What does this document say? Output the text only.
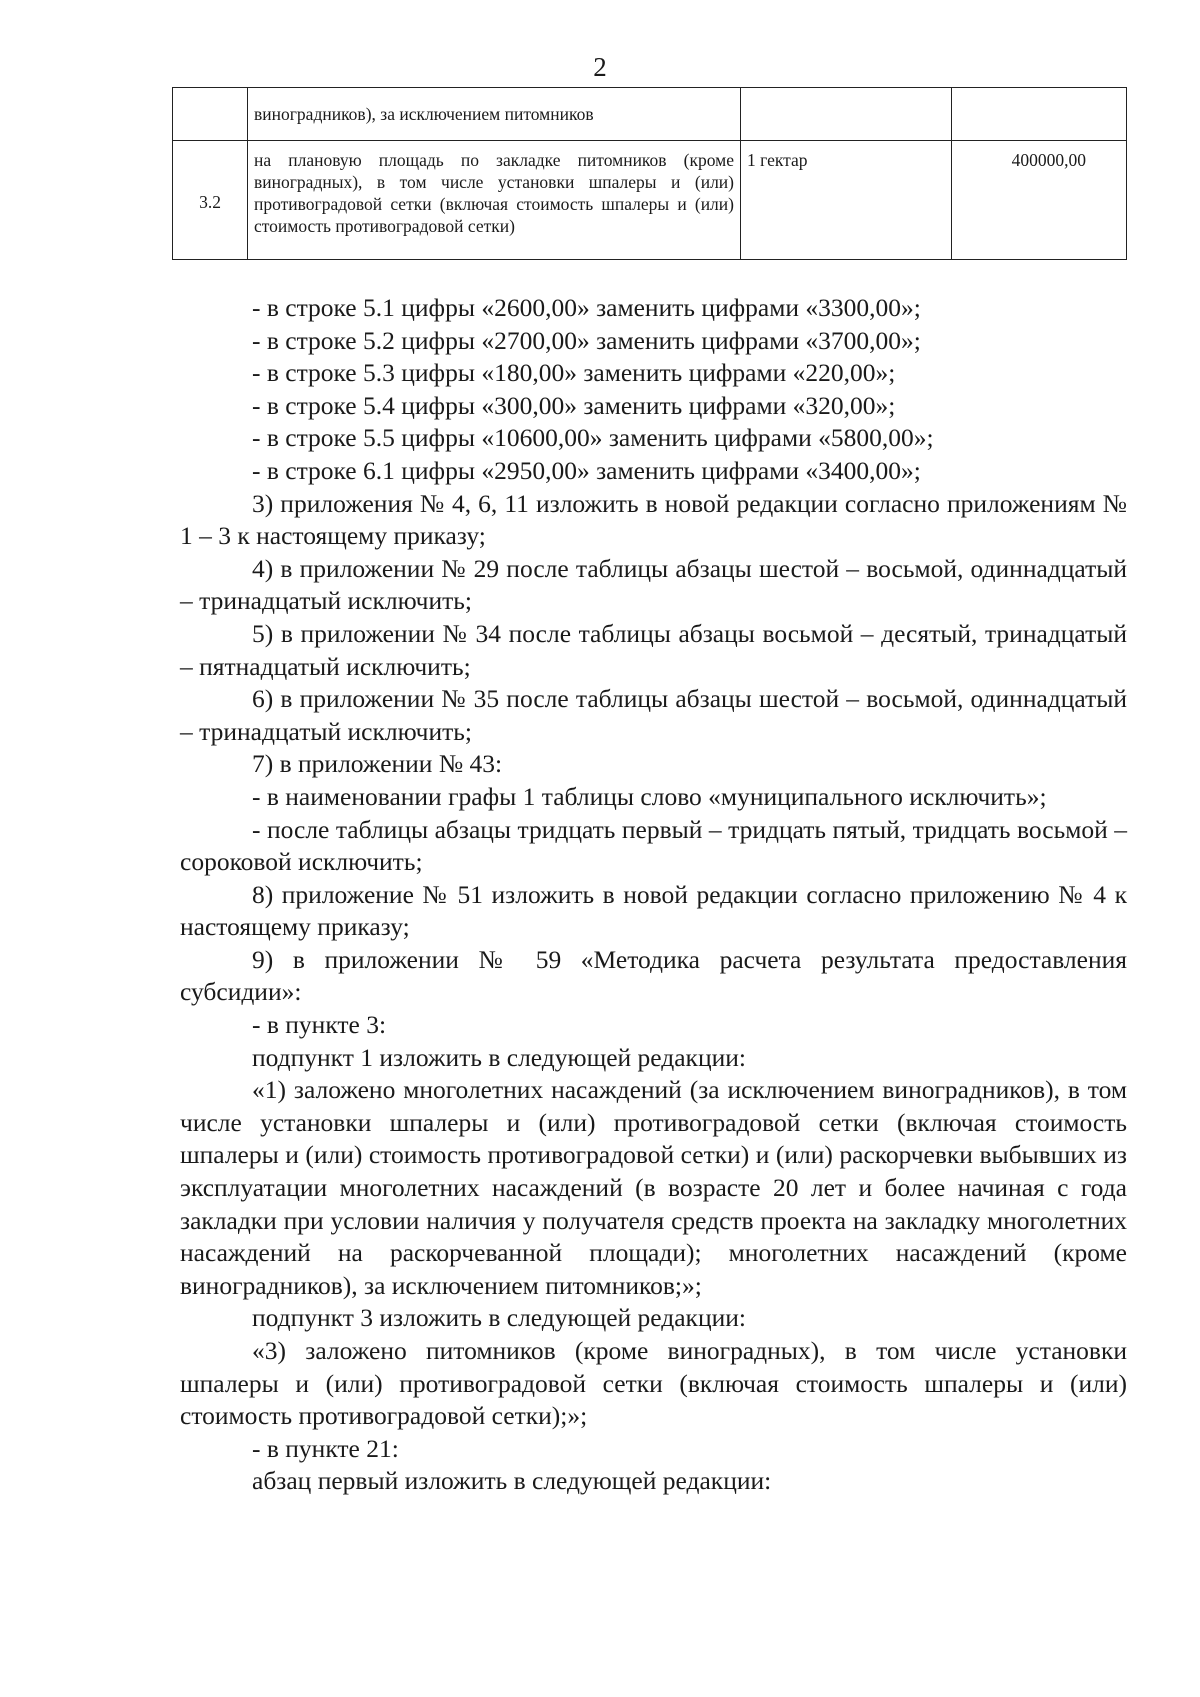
2
	виноградников), за исключением питомников		
3.2	на плановую площадь по закладке питомников (кроме виноградных), в том числе установки шпалеры и (или) противоградовой сетки (включая стоимость шпалеры и (или) стоимость противоградовой сетки)	1 гектар	400000,00

- в строке 5.1 цифры «2600,00» заменить цифрами «3300,00»;

- в строке 5.2 цифры «2700,00» заменить цифрами «3700,00»;

- в строке 5.3 цифры «180,00» заменить цифрами «220,00»;

- в строке 5.4 цифры «300,00» заменить цифрами «320,00»;

- в строке 5.5 цифры «10600,00» заменить цифрами «5800,00»;

- в строке 6.1 цифры «2950,00» заменить цифрами «3400,00»;

3) приложения № 4, 6, 11 изложить в новой редакции согласно приложениям № 1 – 3 к настоящему приказу;

4) в приложении № 29 после таблицы абзацы шестой – восьмой, одиннадцатый – тринадцатый исключить;

5) в приложении № 34 после таблицы абзацы восьмой – десятый, тринадцатый – пятнадцатый исключить;

6) в приложении № 35 после таблицы абзацы шестой – восьмой, одиннадцатый – тринадцатый исключить;

7) в приложении № 43:

- в наименовании графы 1 таблицы слово «муниципального исключить»;

- после таблицы абзацы тридцать первый – тридцать пятый, тридцать восьмой – сороковой исключить;

8) приложение № 51 изложить в новой редакции согласно приложению № 4 к настоящему приказу;

9) в приложении № 59 «Методика расчета результата предоставления субсидии»:

- в пункте 3:

подпункт 1 изложить в следующей редакции:

«1) заложено многолетних насаждений (за исключением виноградников), в том числе установки шпалеры и (или) противоградовой сетки (включая стоимость шпалеры и (или) стоимость противоградовой сетки) и (или) раскорчевки выбывших из эксплуатации многолетних насаждений (в возрасте 20 лет и более начиная с года закладки при условии наличия у получателя средств проекта на закладку многолетних насаждений на раскорчеванной площади); многолетних насаждений (кроме виноградников), за исключением питомников;»;

подпункт 3 изложить в следующей редакции:

«3) заложено питомников (кроме виноградных), в том числе установки шпалеры и (или) противоградовой сетки (включая стоимость шпалеры и (или) стоимость противоградовой сетки);»;

- в пункте 21:

абзац первый изложить в следующей редакции:
